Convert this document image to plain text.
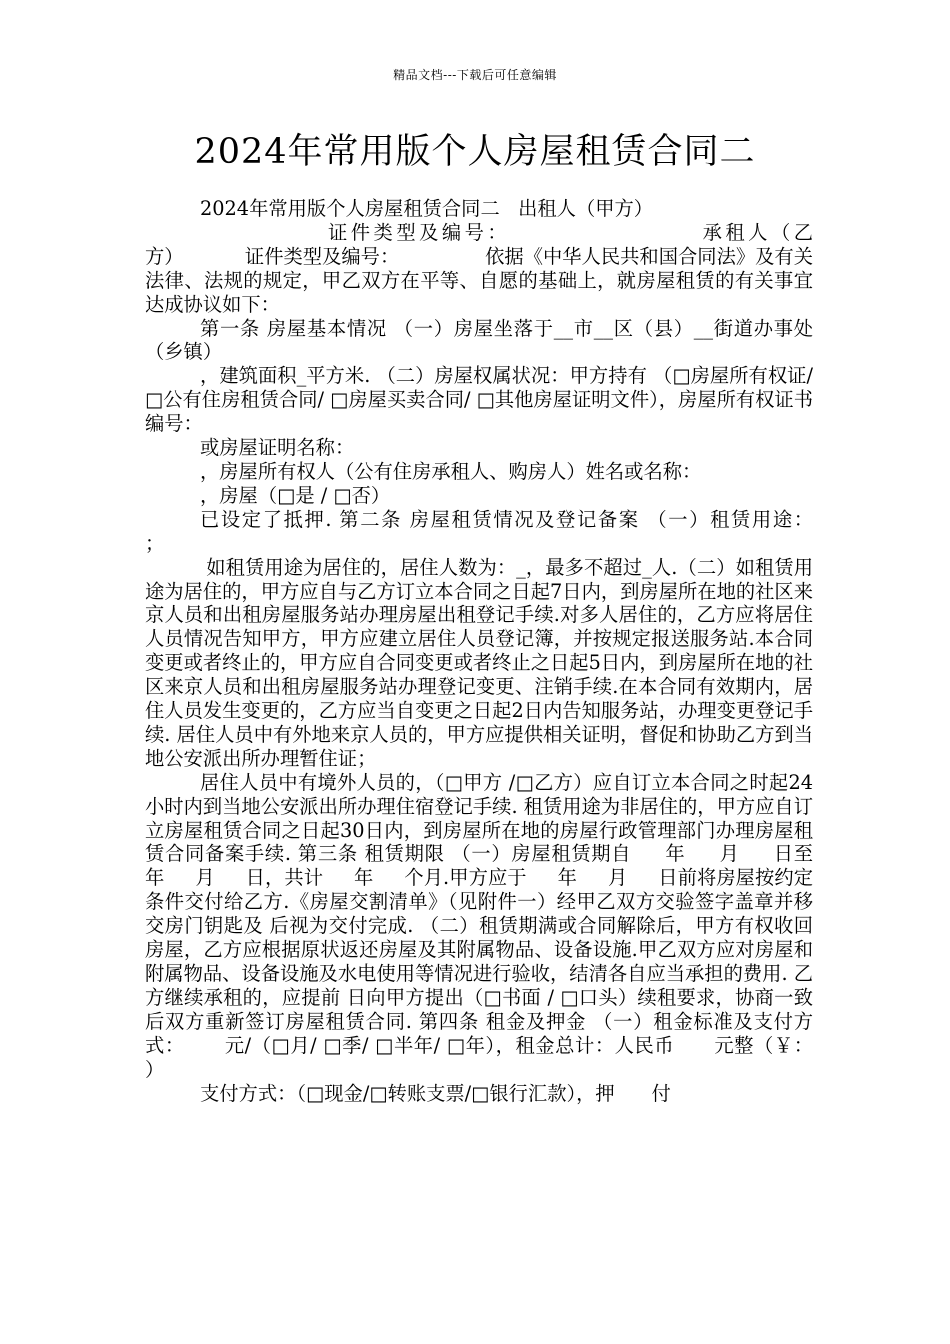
精品文档---下载后可任意编辑
2024年常用版个人房屋租赁合同二

2024年常用版个人房屋租赁合同二   出租人（甲方）

证件类型及编号：                    承租人（乙

方）          证件类型及编号：              依据《中华人民共和国合同法》及有关法律、法规的规定，甲乙双方在平等、自愿的基础上，就房屋租赁的有关事宜达成协议如下：

第一条 房屋基本情况 （一）房屋坐落于__市__区（县）__街道办事处（乡镇）

，建筑面积_平方米. （二）房屋权属状况：甲方持有 （□房屋所有权证/ □公有住房租赁合同/ □房屋买卖合同/ □其他房屋证明文件），房屋所有权证书编号：

或房屋证明名称：

，房屋所有权人（公有住房承租人、购房人）姓名或名称：

，房屋（□是 / □否）

已设定了抵押. 第二条 房屋租赁情况及登记备案 （一）租赁用途：         ；

如租赁用途为居住的，居住人数为：_，最多不超过_人.（二）如租赁用途为居住的，甲方应自与乙方订立本合同之日起7日内，到房屋所在地的社区来京人员和出租房屋服务站办理房屋出租登记手续.对多人居住的，乙方应将居住人员情况告知甲方，甲方应建立居住人员登记簿，并按规定报送服务站.本合同变更或者终止的，甲方应自合同变更或者终止之日起5日内，到房屋所在地的社区来京人员和出租房屋服务站办理登记变更、注销手续.在本合同有效期内，居住人员发生变更的，乙方应当自变更之日起2日内告知服务站，办理变更登记手续. 居住人员中有外地来京人员的，甲方应提供相关证明，督促和协助乙方到当地公安派出所办理暂住证；

居住人员中有境外人员的，（□甲方 /□乙方）应自订立本合同之时起24小时内到当地公安派出所办理住宿登记手续. 租赁用途为非居住的，甲方应自订立房屋租赁合同之日起30日内，到房屋所在地的房屋行政管理部门办理房屋租赁合同备案手续. 第三条 租赁期限 （一）房屋租赁期自     年     月     日至     年     月     日，共计     年     个月.甲方应于     年     月     日前将房屋按约定条件交付给乙方.《房屋交割清单》（见附件一）经甲乙双方交验签字盖章并移交房门钥匙及 后视为交付完成. （二）租赁期满或合同解除后，甲方有权收回房屋，乙方应根据原状返还房屋及其附属物品、设备设施.甲乙双方应对房屋和附属物品、设备设施及水电使用等情况进行验收，结清各自应当承担的费用. 乙方继续承租的，应提前 日向甲方提出（□书面 / □口头）续租要求，协商一致后双方重新签订房屋租赁合同. 第四条 租金及押金 （一）租金标准及支付方式：      元/（□月/ □季/ □半年/ □年），租金总计：人民币      元整（￥：       ）

支付方式：（□现金/□转账支票/□银行汇款），押      付
